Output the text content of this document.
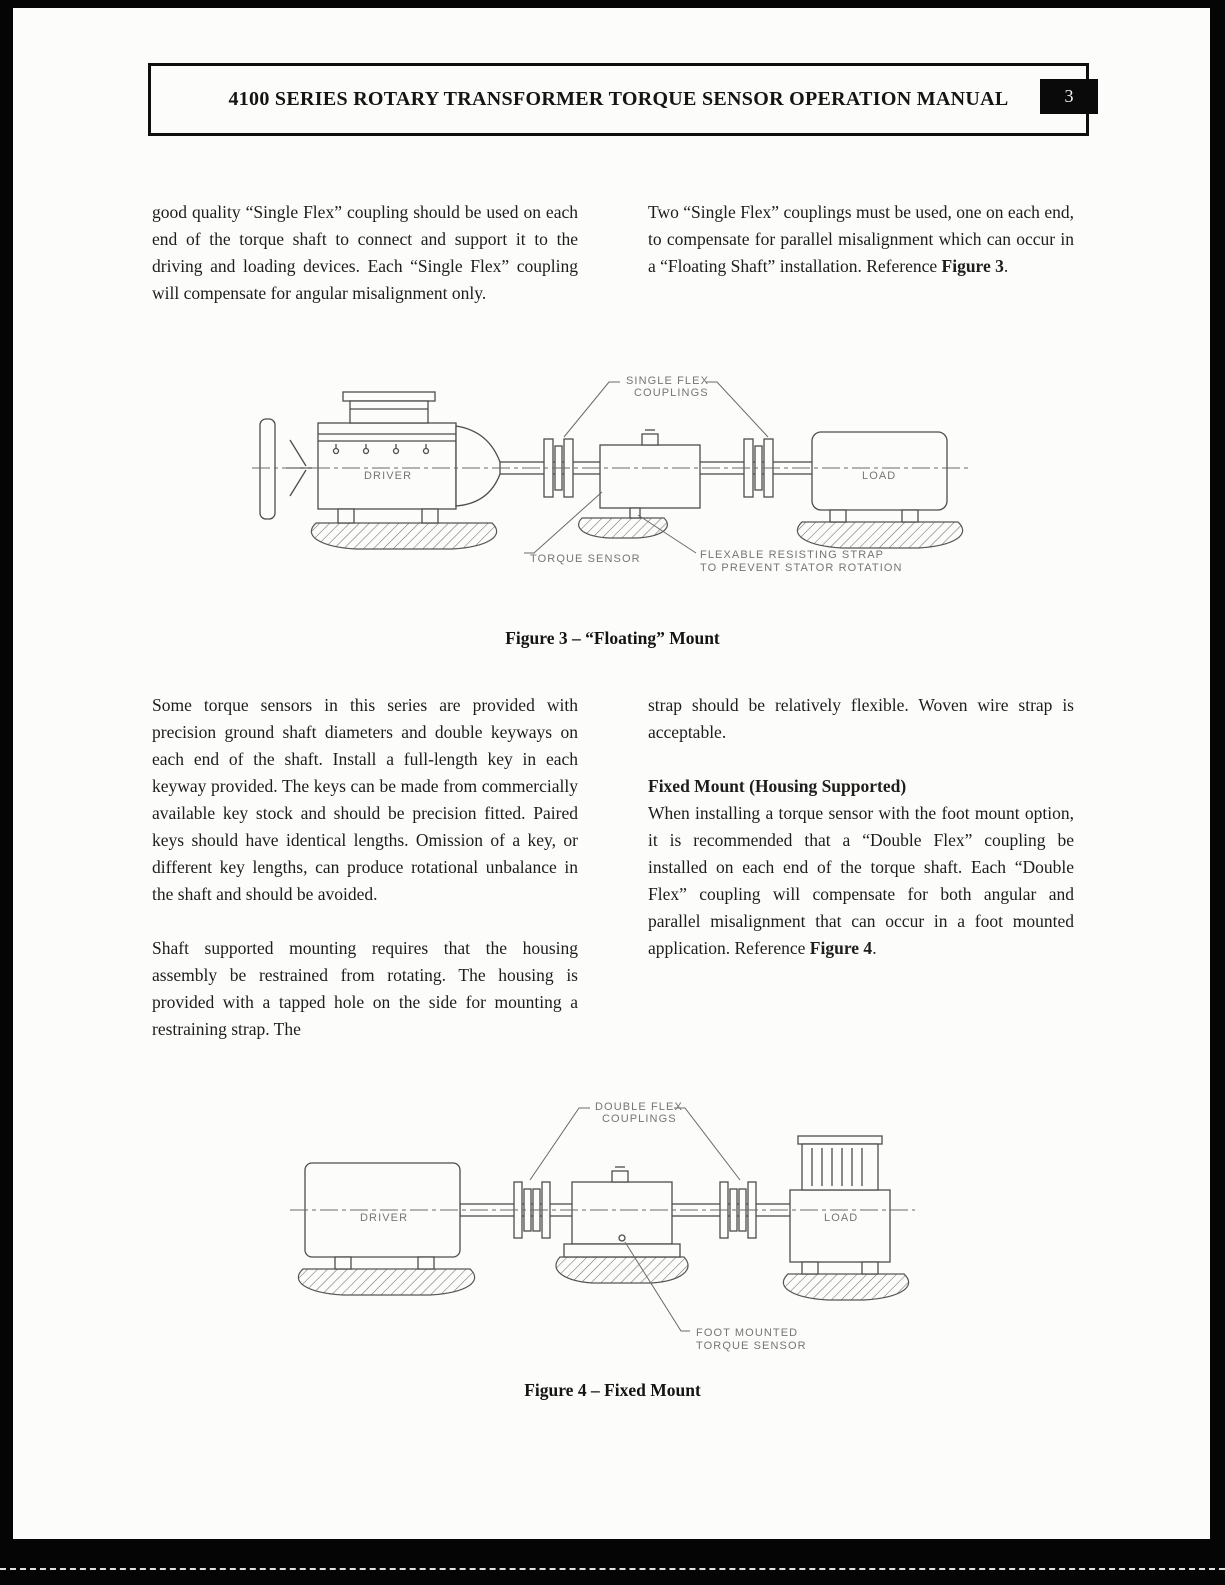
4100 SERIES ROTARY TRANSFORMER TORQUE SENSOR OPERATION MANUAL	3

good quality “Single Flex” coupling should be used on each end of the torque shaft to connect and support it to the driving and loading devices. Each “Single Flex” coupling will compensate for angular misalignment only.

Two “Single Flex” couplings must be used, one on each end, to compensate for parallel misalignment which can occur in a “Floating Shaft” installation. Reference Figure 3.

SINGLE FLEX
COUPLINGS
DRIVER	LOAD
TORQUE SENSOR	FLEXABLE RESISTING STRAP
TO PREVENT STATOR ROTATION
Figure 3 – “Floating” Mount

Some torque sensors in this series are provided with precision ground shaft diameters and double keyways on each end of the shaft. Install a full-length key in each keyway provided. The keys can be made from commercially available key stock and should be precision fitted. Paired keys should have identical lengths. Omission of a key, or different key lengths, can produce rotational unbalance in the shaft and should be avoided.

Shaft supported mounting requires that the housing assembly be restrained from rotating. The housing is provided with a tapped hole on the side for mounting a restraining strap. The

strap should be relatively flexible. Woven wire strap is acceptable.

Fixed Mount (Housing Supported)

When installing a torque sensor with the foot mount option, it is recommended that a “Double Flex” coupling be installed on each end of the torque shaft. Each “Double Flex” coupling will compensate for both angular and parallel misalignment that can occur in a foot mounted application. Reference Figure 4.

DOUBLE FLEX
COUPLINGS
DRIVER	LOAD
FOOT MOUNTED
TORQUE SENSOR
Figure 4 – Fixed Mount
